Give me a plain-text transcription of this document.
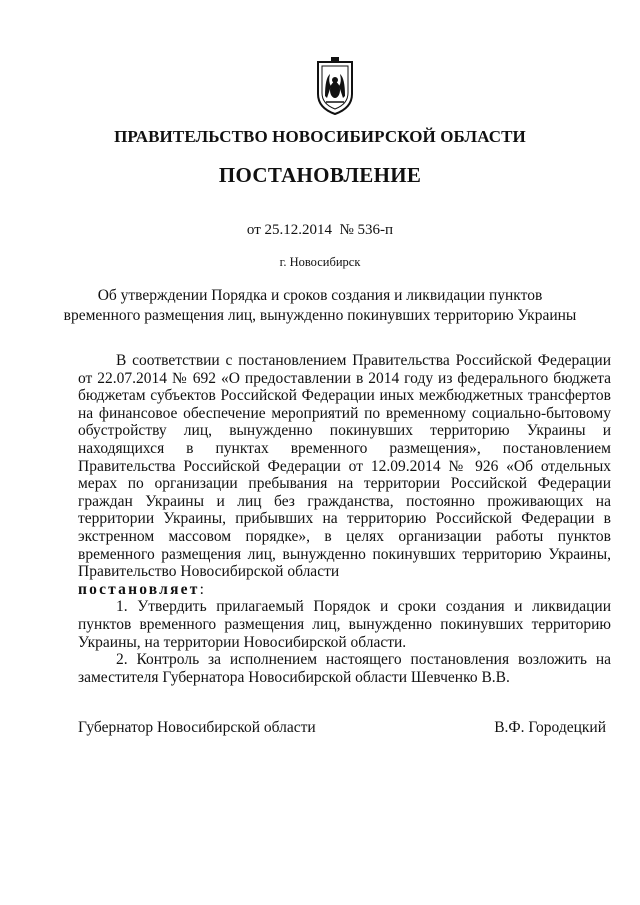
ПРАВИТЕЛЬСТВО НОВОСИБИРСКОЙ ОБЛАСТИ
ПОСТАНОВЛЕНИЕ
от 25.12.2014  № 536-п
г. Новосибирск
Об утверждении Порядка и сроков создания и ликвидации пунктов
временного размещения лиц, вынужденно покинувших территорию Украины

В соответствии с постановлением Правительства Российской Федерации от 22.07.2014 № 692 «О предоставлении в 2014 году из федерального бюджета бюджетам субъектов Российской Федерации иных межбюджетных трансфертов на финансовое обеспечение мероприятий по временному социально-бытовому обустройству лиц, вынужденно покинувших территорию Украины и находящихся в пунктах временного размещения», постановлением Правительства Российской Федерации от 12.09.2014 № 926 «Об отдельных мерах по организации пребывания на территории Российской Федерации граждан Украины и лиц без гражданства, постоянно проживающих на территории Украины, прибывших на территорию Российской Федерации в экстренном массовом порядке», в целях организации работы пунктов временного размещения лиц, вынужденно покинувших территорию Украины, Правительство Новосибирской области
постановляет:

1. Утвердить прилагаемый Порядок и сроки создания и ликвидации пунктов временного размещения лиц, вынужденно покинувших территорию Украины, на территории Новосибирской области.

2. Контроль за исполнением настоящего постановления возложить на заместителя Губернатора Новосибирской области Шевченко В.В.

Губернатор Новосибирской области	В.Ф. Городецкий
